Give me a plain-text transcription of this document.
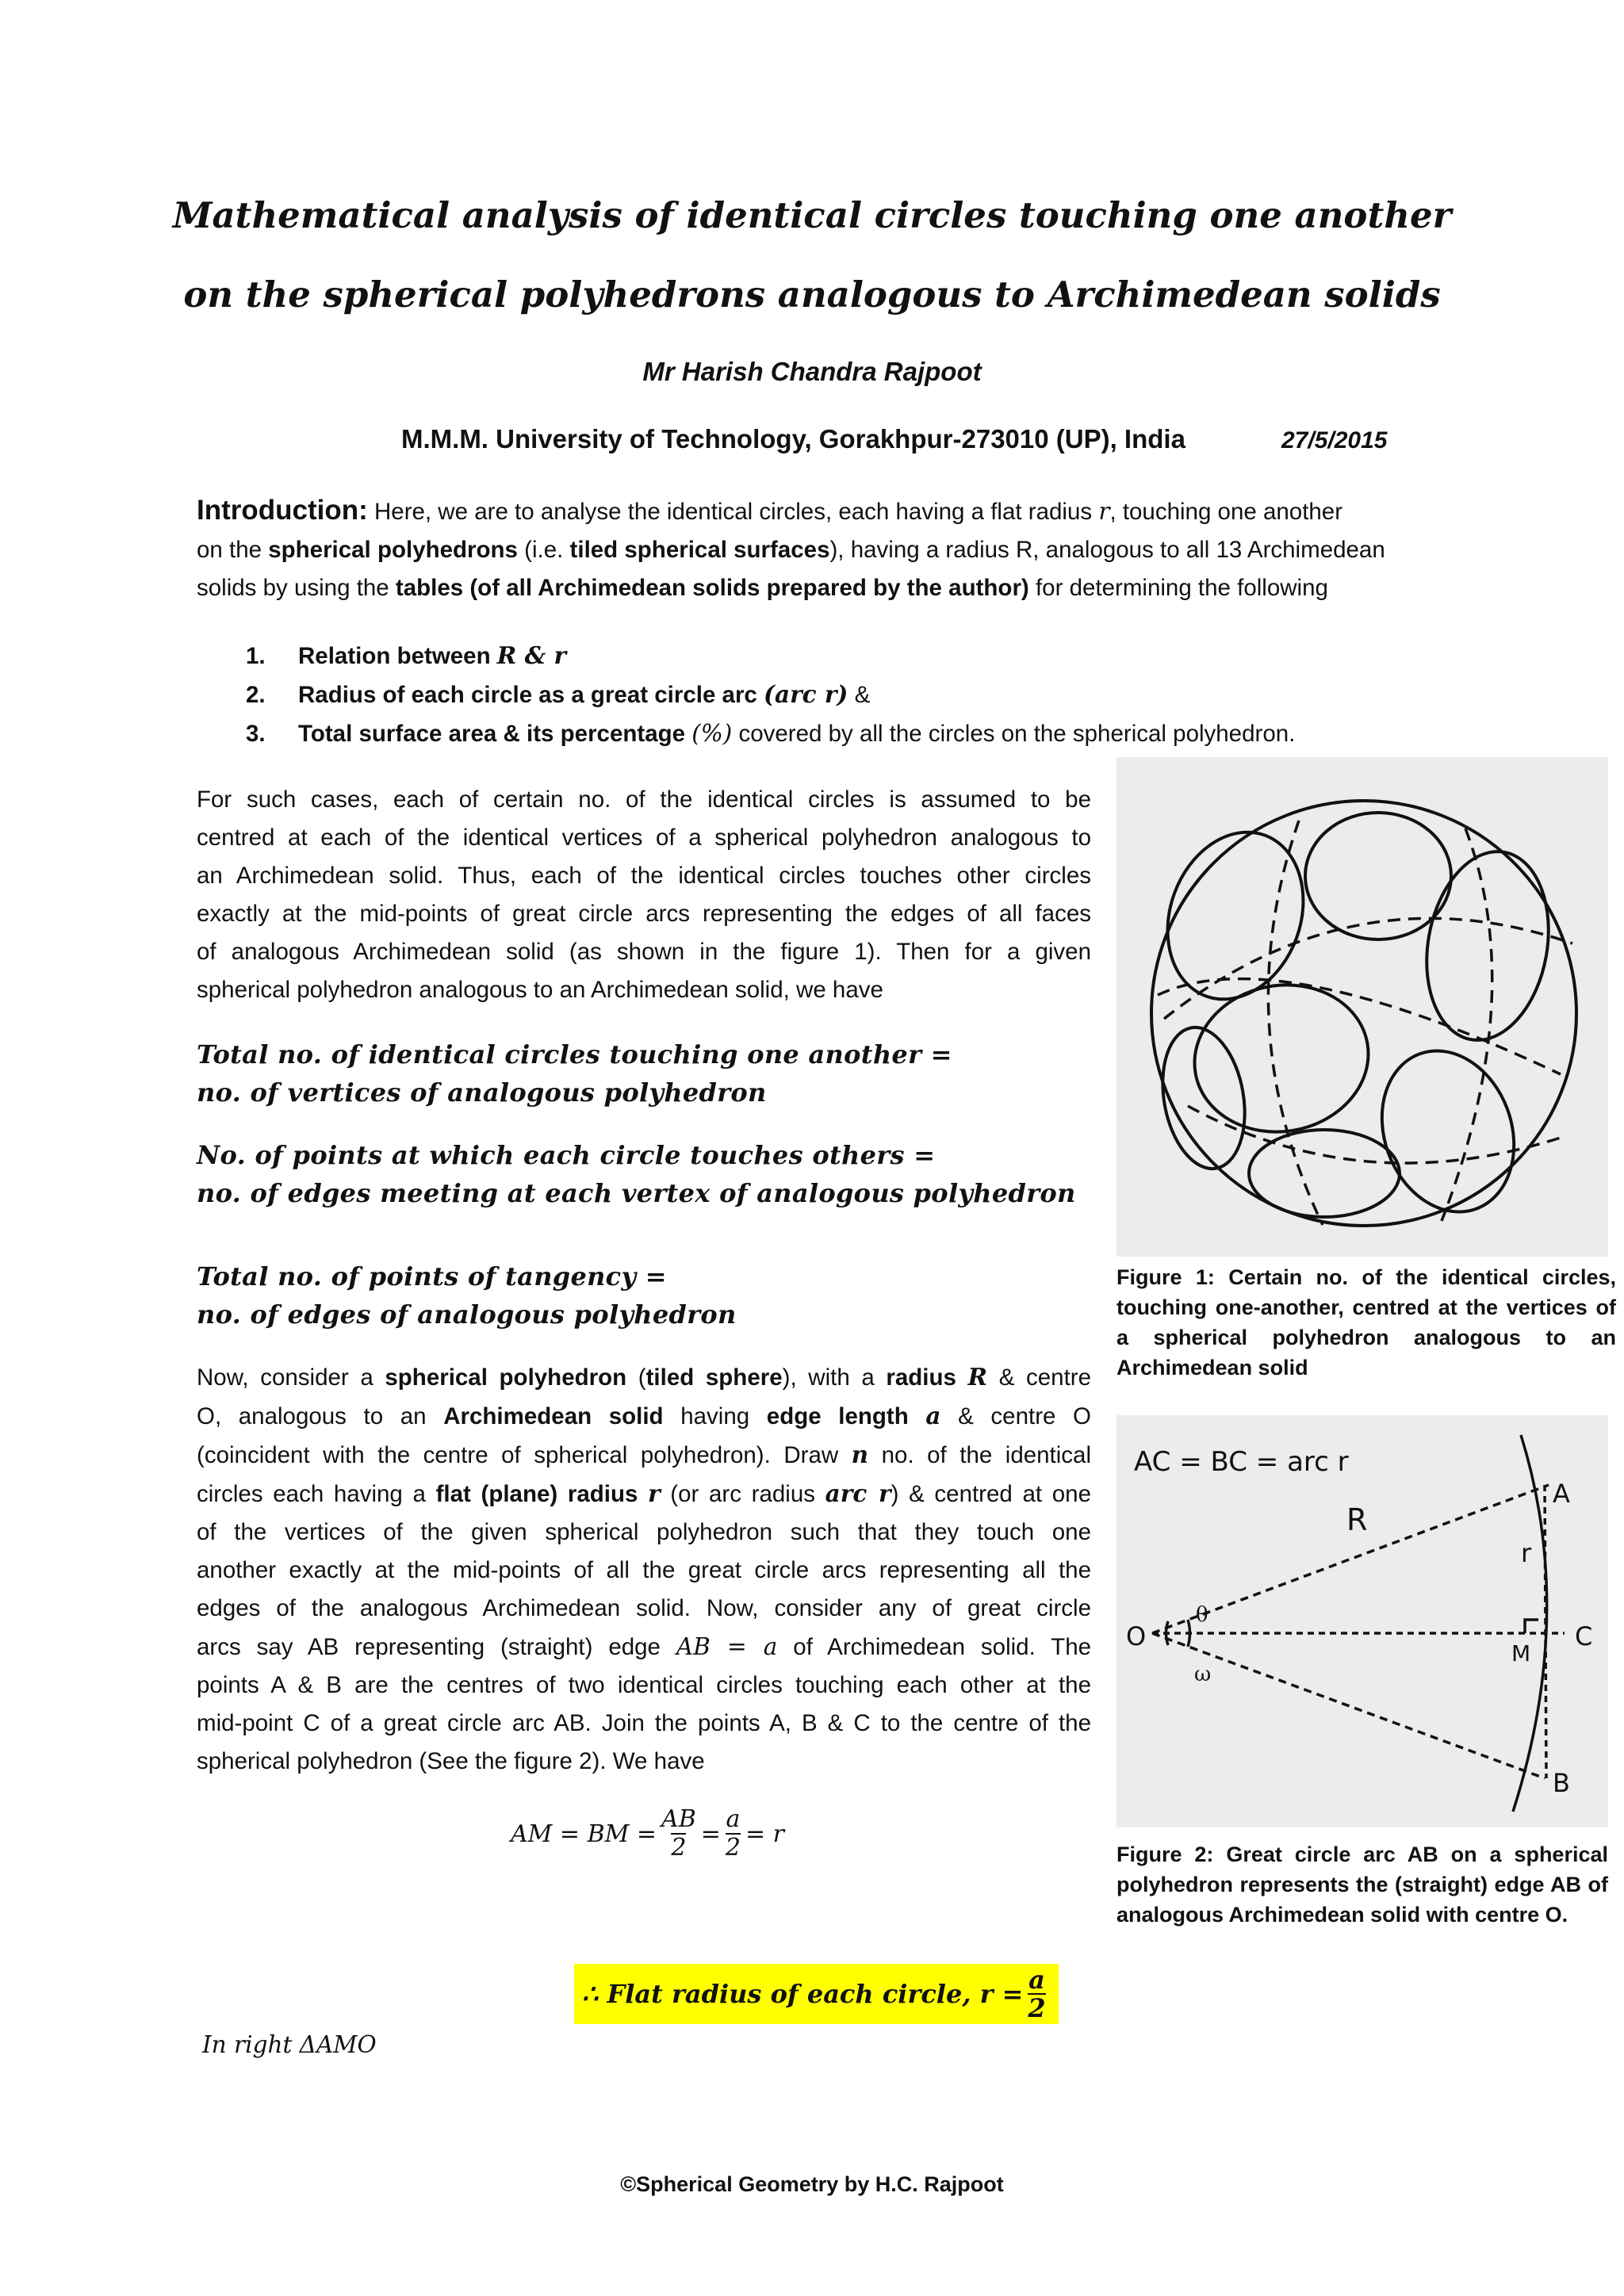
Mathematical analysis of identical circles touching one another
on the spherical polyhedrons analogous to Archimedean solids
Mr Harish Chandra Rajpoot
M.M.M. University of Technology, Gorakhpur-273010 (UP), India	27/5/2015
Introduction: Here, we are to analyse the identical circles, each having a flat radius r, touching one another
on the spherical polyhedrons (i.e. tiled spherical surfaces), having a radius R, analogous to all 13 Archimedean
solids by using the tables (of all Archimedean solids prepared by the author) for determining the following
1. Relation between R & r
2. Radius of each circle as a great circle arc (arc r) &
3. Total surface area & its percentage (%) covered by all the circles on the spherical polyhedron.
For such cases, each of certain no. of the identical circles is assumed to be
centred at each of the identical vertices of a spherical polyhedron analogous to
an Archimedean solid. Thus, each of the identical circles touches other circles
exactly at the mid-points of great circle arcs representing the edges of all faces
of analogous Archimedean solid (as shown in the figure 1). Then for a given
spherical polyhedron analogous to an Archimedean solid, we have
Total no. of identical circles touching one another =
no. of vertices of analogous polyhedron
No. of points at which each circle touches others =
no. of edges meeting at each vertex of analogous polyhedron
Total no. of points of tangency =
no. of edges of analogous polyhedron
Now, consider a spherical polyhedron (tiled sphere), with a radius R & centre
O, analogous to an Archimedean solid having edge length a & centre O
(coincident with the centre of spherical polyhedron). Draw n no. of the identical
circles each having a flat (plane) radius r (or arc radius arc r) & centred at one
of the vertices of the given spherical polyhedron such that they touch one
another exactly at the mid-points of all the great circle arcs representing all the
edges of the analogous Archimedean solid. Now, consider any of great circle
arcs say AB representing (straight) edge AB = a of Archimedean solid. The
points A & B are the centres of two identical circles touching each other at the
mid-point C of a great circle arc AB. Join the points A, B & C to the centre of the
spherical polyhedron (See the figure 2). We have
AM = BM = $\frac{AB}{2} = \frac{a}{2} = r$
∴ Flat radius of each circle, $r = \frac{a}{2}$
In right ΔAMO
Figure 1: Certain no. of the identical circles, touching one-another, centred at the vertices of a spherical polyhedron analogous to an Archimedean solid
AC = BC = arc r
A
B
C
M
O
R
r
θ
ω
Figure 2: Great circle arc AB on a spherical polyhedron represents the (straight) edge AB of analogous Archimedean solid with centre O.
©Spherical Geometry by H.C. Rajpoot
